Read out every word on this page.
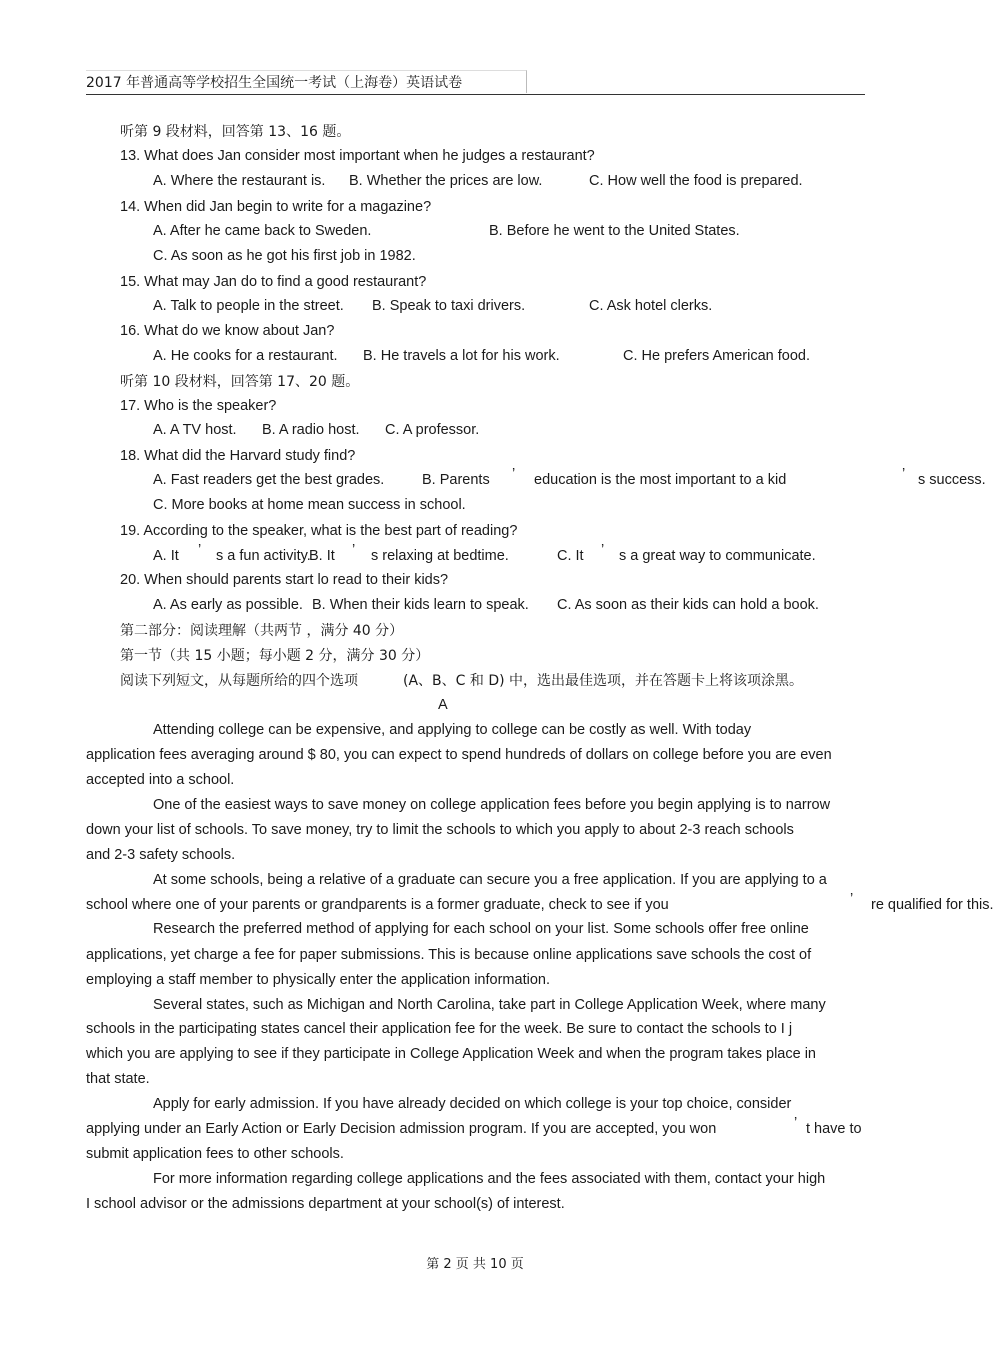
2017 年普通高等学校招生全国统一考试（上海卷）英语试卷
听第 9 段材料，回答第 13、16 题。
13. What does Jan consider most important when he judges a restaurant?
A. Where the restaurant is. B. Whether the prices are low.	C. How well the food is prepared.
14. When did Jan begin to write for a magazine?
A. After he came back to Sweden.	B. Before he went to the United States.
C. As soon as he got his first job in 1982.
15. What may Jan do to find a good restaurant?
A. Talk to people in the street. B. Speak to taxi drivers.	C. Ask hotel clerks.
16. What do we know about Jan?
A. He cooks for a restaurant. B. He travels a lot for his work.	C. He prefers American food.
听第 10 段材料，回答第 17、20 题。
17. Who is the speaker?
A. A TV host. B. A radio host. C. A professor.
18. What did the Harvard study find?
A. Fast readers get the best grades.	B. Parents ’ education is the most important to a kid	’ s success.
C. More books at home mean success in school.
19. According to the speaker, what is the best part of reading?
A. It ’ s a fun activity.
B. It ’ s relaxing at bedtime.	C. It ’ s a great way to communicate.
20. When should parents start lo read to their kids?
A. As early as possible. B. When their kids learn to speak. C. As soon as their kids can hold a book.
第二部分：阅读理解（共两节 ，满分 40 分）
第一节（共 15 小题；每小题 2 分，满分 30 分）
阅读下列短文，从每题所给的四个选项	(A、B、C 和 D) 中，选出最佳选项，并在答题卡上将该项涂黑。
A
Attending college can be expensive, and applying to college can be costly as well. With today
application fees averaging around $ 80, you can expect to spend hundreds of dollars on college before you are even
accepted into a school.
One of the easiest ways to save money on college application fees before you begin applying is to narrow
down your list of schools. To save money, try to limit the schools to which you apply to about 2-3 reach schools
and 2-3 safety schools.
At some schools, being a relative of a graduate can secure you a free application. If you are applying to a
school where one of your parents or grandparents is a former graduate, check to see if you	’ re qualified for this.
Research the preferred method of applying for each school on your list. Some schools offer free online
applications, yet charge a fee for paper submissions. This is because online applications save schools the cost of
employing a staff member to physically enter the application information.
Several states, such as Michigan and North Carolina, take part in College Application Week, where many
schools in the participating states cancel their application fee for the week. Be sure to contact the schools to I j
which you are applying to see if they participate in College Application Week and when the program takes place in
that state.
Apply for early admission. If you have already decided on which college is your top choice, consider
applying under an Early Action or Early Decision admission program. If you are accepted, you won	’ t have to
submit application fees to other schools.
For more information regarding college applications and the fees associated with them, contact your high
I school advisor or the admissions department at your school(s) of interest.
第 2 页 共 10 页
